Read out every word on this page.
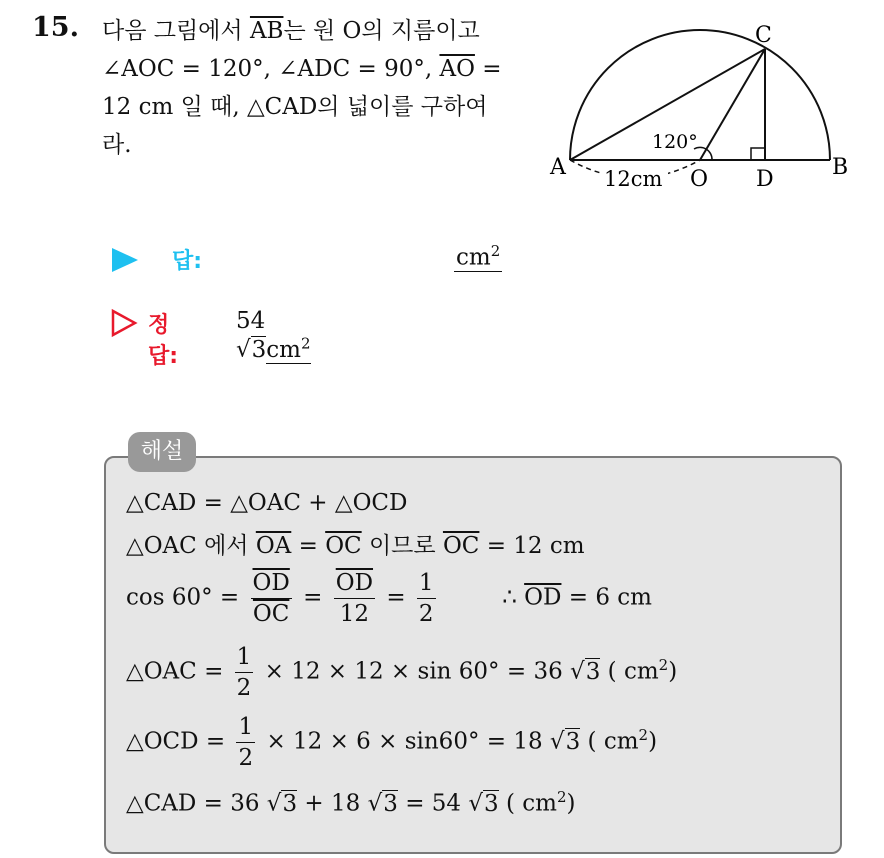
15. 다음 그림에서 $\overline{AB}$는 원 O의 지름이고
∠AOC = 120°, ∠ADC = 90°, $\overline{AO}$ =
12 cm 일 때, △CAD의 넓이를 구하여
라.
A	B
C
O D
120°
12cm
답:	$cm^2$
정답:
54 $√3cm^2$
해설
△CAD = △OAC + △OCD
△OAC 에서 $\overline{OA} = \overline{OC}$ 이므로 $\overline{OC} = 12$ cm
$\cos 60^\circ = \frac{\overline{OD}}{OC} = \frac{\overline{OD}}{12} = \frac{1}{2}$	∴ $\overline{OD} = 6$ cm
△OAC = $\frac{1}{2} \times 12 \times 12 \times \sin 60^\circ = 36$ √3 ( $cm^2$)
△OCD = $\frac{1}{2} \times 12 \times 6 \times \sin 60^\circ = 18$ √3 ( $cm^2$)
△CAD = 36 √3 + 18 √3 = 54 √3 ( $cm^2$)
